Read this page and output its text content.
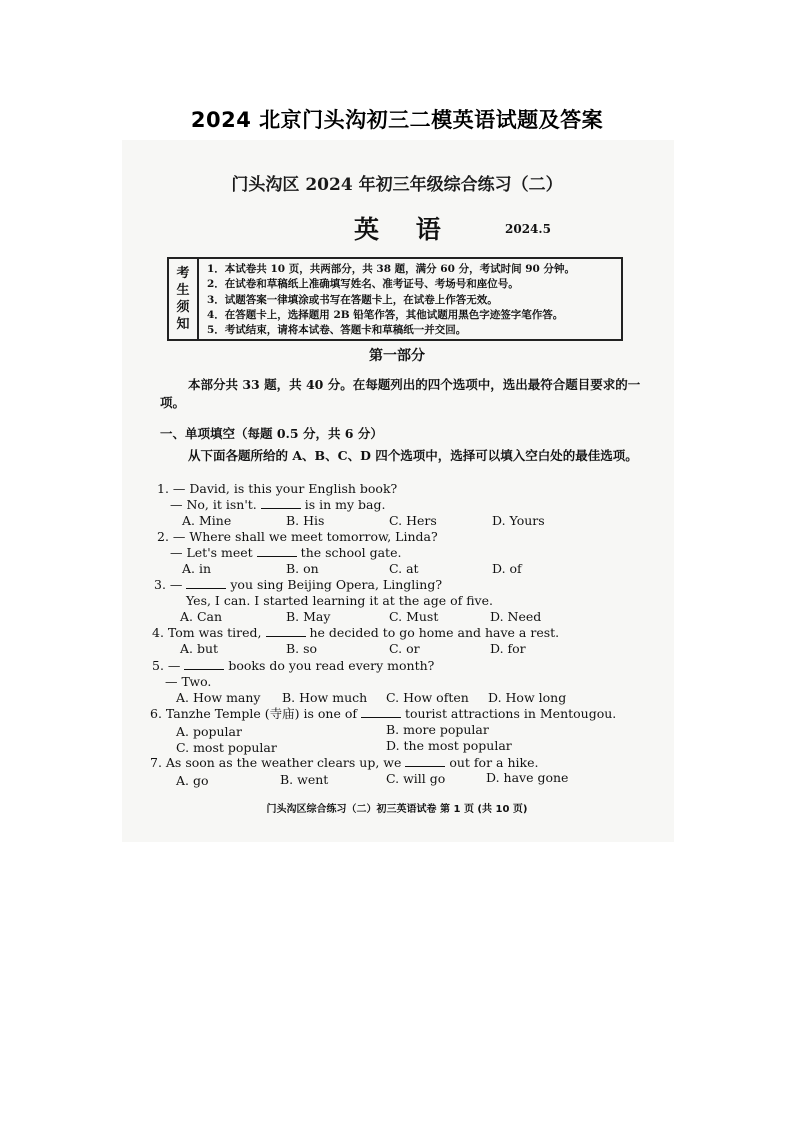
2024 北京门头沟初三二模英语试题及答案
门头沟区 2024 年初三年级综合练习（二）
英 语	2024.5
考
生
须
知
1．本试卷共 10 页，共两部分，共 38 题，满分 60 分，考试时间 90 分钟。
2．在试卷和草稿纸上准确填写姓名、准考证号、考场号和座位号。
3．试题答案一律填涂或书写在答题卡上，在试卷上作答无效。
4．在答题卡上，选择题用 2B 铅笔作答，其他试题用黑色字迹签字笔作答。
5．考试结束，请将本试卷、答题卡和草稿纸一并交回。
第一部分
本部分共 33 题，共 40 分。在每题列出的四个选项中，选出最符合题目要求的一项。
一、单项填空（每题 0.5 分，共 6 分）
从下面各题所给的 A、B、C、D 四个选项中，选择可以填入空白处的最佳选项。
1. — David, is this your English book?
— No, it isn't.	is in my bag.
A. Mine	B. His	C. Hers	D. Yours
2. — Where shall we meet tomorrow, Linda?
— Let's meet	the school gate.
A. in	B. on	C. at	D. of
3. —	you sing Beijing Opera, Lingling?
Yes, I can. I started learning it at the age of five.
A. Can	B. May	C. Must	D. Need
4. Tom was tired,	he decided to go home and have a rest.
A. but	B. so	C. or	D. for
5. —	books do you read every month?
— Two.
A. How many B. How much C. How often D. How long
6. Tanzhe Temple (寺庙) is one of	tourist attractions in Mentougou.
A. popular	B. more popular
C. most popular	D. the most popular
7. As soon as the weather clears up, we	out for a hike.
A. go	B. went	C. will go	D. have gone
门头沟区综合练习（二）初三英语试卷 第 1 页 (共 10 页)
